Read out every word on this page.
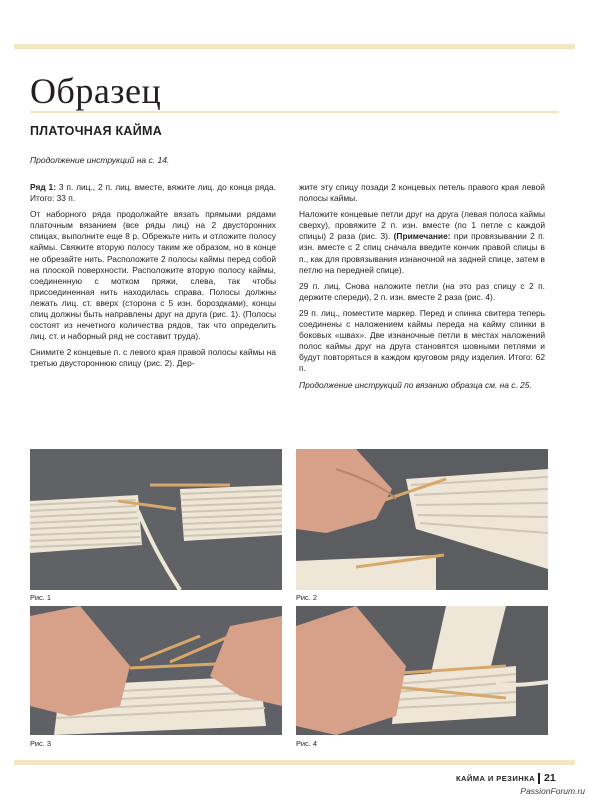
Образец
ПЛАТОЧНАЯ КАЙМА
Продолжение инструкций на с. 14.

Ряд 1: 3 п. лиц., 2 п. лиц. вместе, вяжите лиц. до конца ряда. Итого: 33 п.

От наборного ряда продолжайте вязать прямыми рядами платочным вязанием (все ряды лиц) на 2 двусторонних спицах, выполните еще 8 р. Обрежьте нить и отложите полосу каймы. Свяжите вторую полосу таким же образом, но в конце не обрезайте нить. Расположите 2 полосы каймы перед собой на плоской поверхности. Расположите вторую полосу каймы, соединенную с мотком пряжи, слева, так чтобы присоединенная нить находилась справа. Полосы должны лежать лиц. ст. вверх (сторона с 5 изн. бороздками), концы спиц должны быть направлены друг на друга (рис. 1). (Полосы состоят из нечетного количества рядов, так что определить лиц. ст. и наборный ряд не составит труда).

Снимите 2 концевые п. с левого края правой полосы каймы на третью двустороннюю спицу (рис. 2). Дер-

жите эту спицу позади 2 концевых петель правого края левой полосы каймы.

Наложите концевые петли друг на друга (левая полоса каймы сверху), провяжите 2 п. изн. вместе (по 1 петле с каждой спицы) 2 раза (рис. 3). (Примечание: при провязывании 2 п. изн. вместе с 2 спиц сначала введите кончик правой спицы в п., как для провязывания изнаночной на задней спице, затем в петлю на передней спице).

29 п. лиц. Снова наложите петли (на это раз спицу с 2 п. держите спереди), 2 п. изн. вместе 2 раза (рис. 4).

29 п. лиц., поместите маркер. Перед и спинка свитера теперь соединены с наложением каймы переда на кайму спинки в боковых «швах». Две изнаночные петли в местах наложений полос каймы друг на друга становятся шовными петлями и будут повторяться в каждом круговом ряду изделия. Итого: 62 п.

Продолжение инструкций по вязанию образца см. на с. 25.

Рис. 1	Рис. 2
Рис. 3	Рис. 4
КАЙМА И РЕЗИНКА 21
PassionForum.ru
